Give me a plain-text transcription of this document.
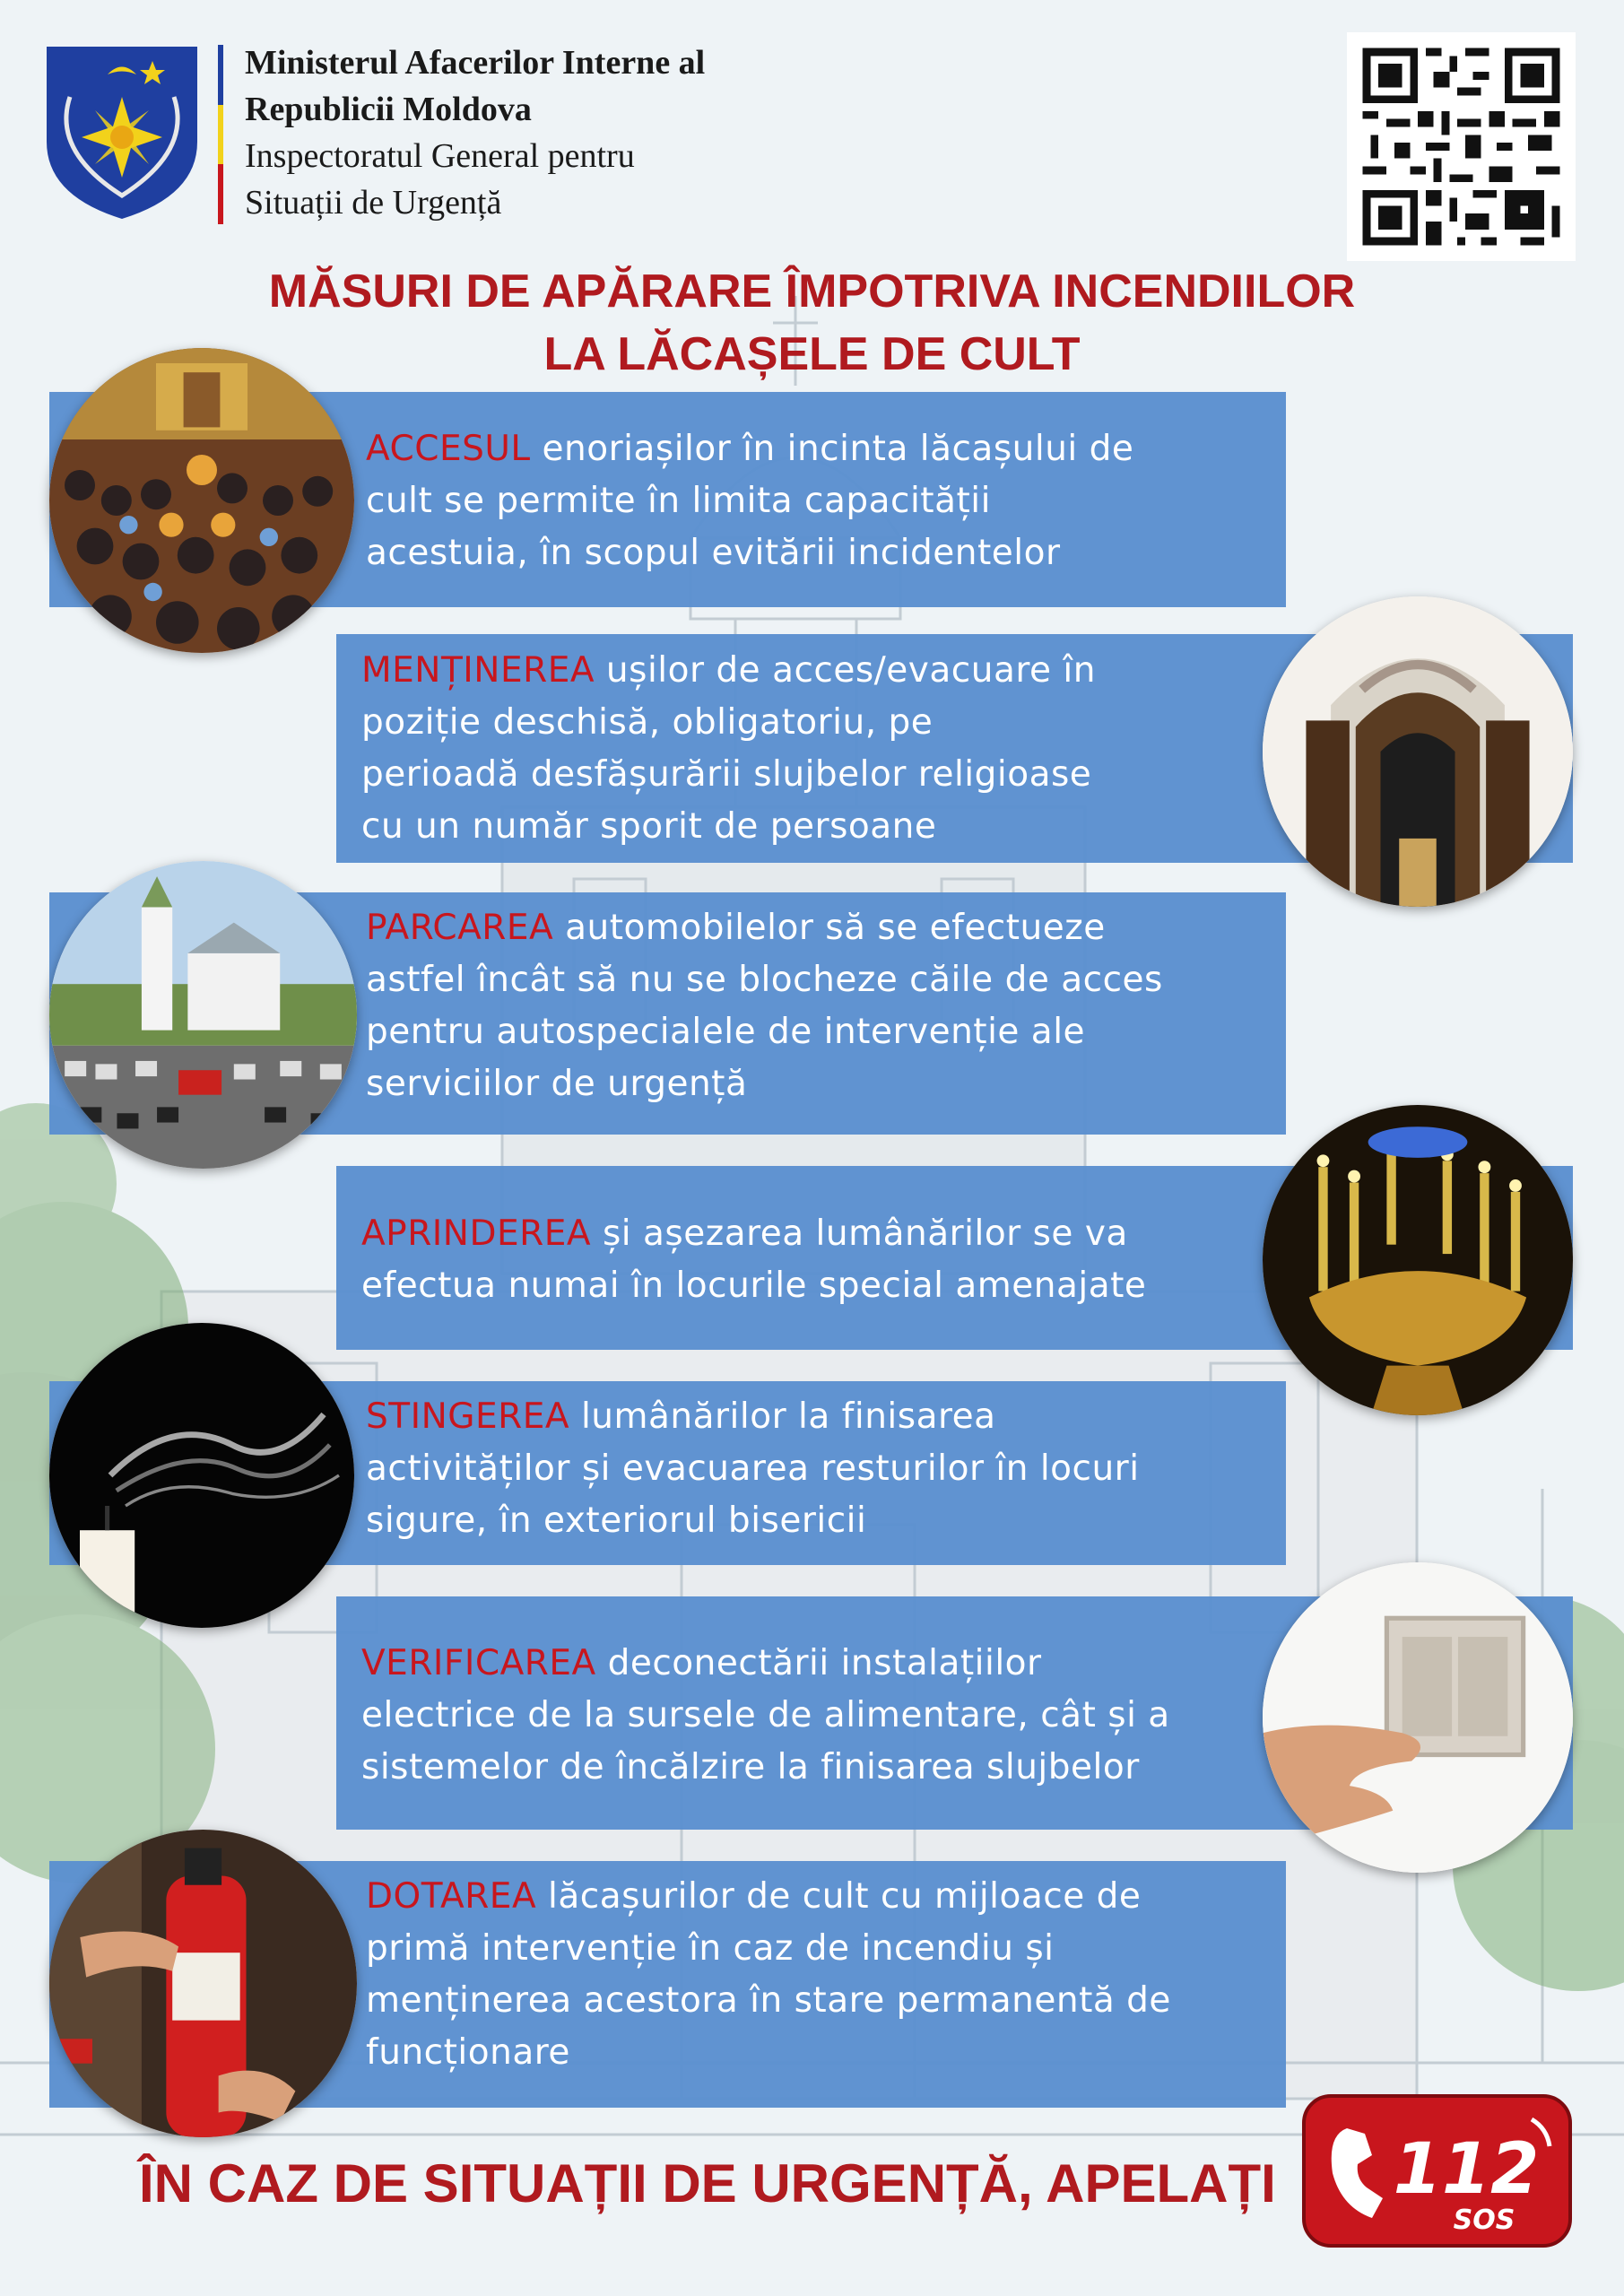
Ministerul Afacerilor Interne al
Republicii Moldova
Inspectoratul General pentru
Situații de Urgență
MĂSURI DE APĂRARE ÎMPOTRIVA INCENDIILOR
LA LĂCAȘELE DE CULT
ACCESUL enoriașilor în incinta lăcașului de
cult se permite în limita capacității
acestuia, în scopul evitării incidentelor
MENȚINEREA ușilor de acces/evacuare în
poziție deschisă, obligatoriu, pe
perioadă desfășurării slujbelor religioase
cu un număr sporit de persoane
PARCAREA automobilelor să se efectueze
astfel încât să nu se blocheze căile de acces
pentru autospecialele de intervenție ale
serviciilor de urgență
APRINDEREA și așezarea lumânărilor se va
efectua numai în locurile special amenajate
STINGEREA lumânărilor la finisarea
activităților și evacuarea resturilor în locuri
sigure, în exteriorul bisericii
VERIFICAREA deconectării instalațiilor
electrice de la sursele de alimentare, cât și a
sistemelor de încălzire la finisarea slujbelor
DOTAREA lăcașurilor de cult cu mijloace de
primă intervenție în caz de incendiu și
menținerea acestora în stare permanentă de
funcționare
ÎN CAZ DE SITUAȚII DE URGENȚĂ, APELAȚI 112
SOS
